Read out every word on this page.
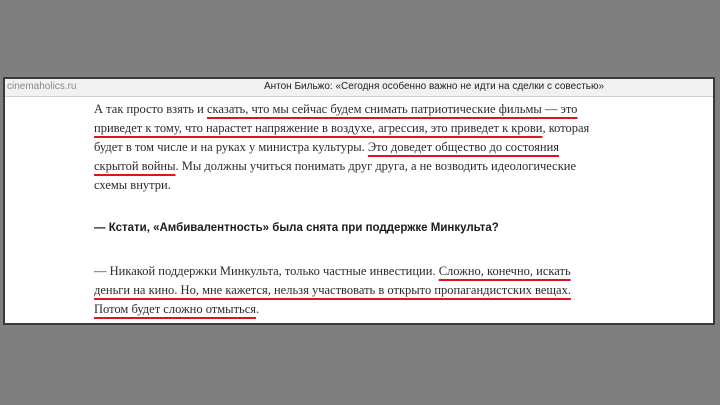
cinemaholics.ru	Антон Бильжо: «Сегодня особенно важно не идти на сделки с совестью»
А так просто взять и сказать, что мы сейчас будем снимать патриотические фильмы — это
приведет к тому, что нарастет напряжение в воздухе, агрессия, это приведет к крови, которая
будет в том числе и на руках у министра культуры. Это доведет общество до состояния
скрытой войны. Мы должны учиться понимать друг друга, а не возводить идеологические
схемы внутри.
— Кстати, «Амбивалентность» была снята при поддержке Минкульта?
— Никакой поддержки Минкульта, только частные инвестиции. Сложно, конечно, искать
деньги на кино. Но, мне кажется, нельзя участвовать в открыто пропагандистских вещах.
Потом будет сложно отмыться.
